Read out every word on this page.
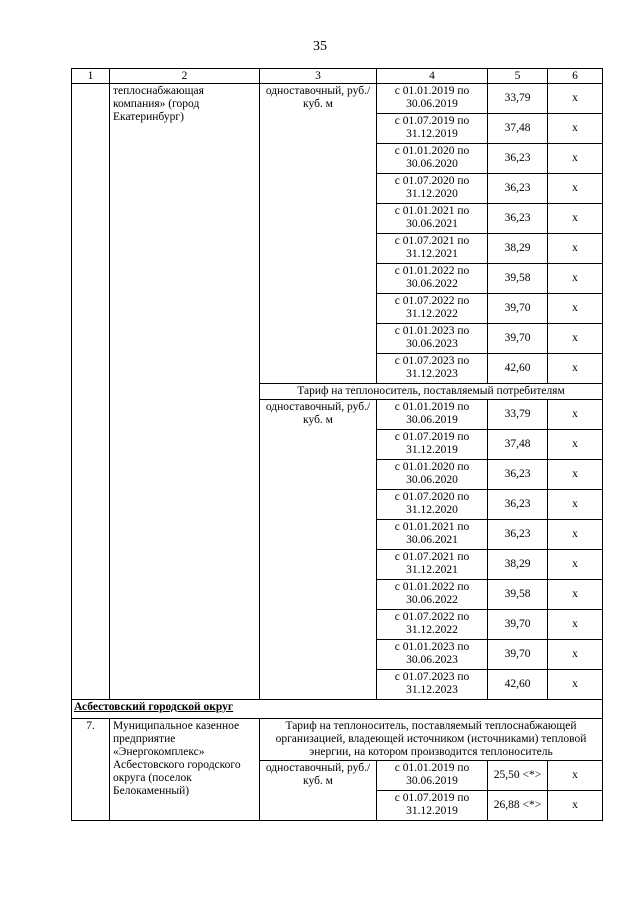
35
1	2	3	4	5	6
	теплоснабжающая компания» (город Екатеринбург)	одноставочный, руб./куб. м	с 01.01.2019 по 30.06.2019	33,79	x
			с 01.07.2019 по 31.12.2019	37,48	x
			с 01.01.2020 по 30.06.2020	36,23	x
			с 01.07.2020 по 31.12.2020	36,23	x
			с 01.01.2021 по 30.06.2021	36,23	x
			с 01.07.2021 по 31.12.2021	38,29	x
			с 01.01.2022 по 30.06.2022	39,58	x
			с 01.07.2022 по 31.12.2022	39,70	x
			с 01.01.2023 по 30.06.2023	39,70	x
			с 01.07.2023 по 31.12.2023	42,60	x
		Тариф на теплоноситель, поставляемый потребителям			
		одноставочный, руб./куб. м	с 01.01.2019 по 30.06.2019	33,79	x
			с 01.07.2019 по 31.12.2019	37,48	x
			с 01.01.2020 по 30.06.2020	36,23	x
			с 01.07.2020 по 31.12.2020	36,23	x
			с 01.01.2021 по 30.06.2021	36,23	x
			с 01.07.2021 по 31.12.2021	38,29	x
			с 01.01.2022 по 30.06.2022	39,58	x
			с 01.07.2022 по 31.12.2022	39,70	x
			с 01.01.2023 по 30.06.2023	39,70	x
			с 01.07.2023 по 31.12.2023	42,60	x
Асбестовский городской округ					
7.	Муниципальное казенное предприятие «Энергокомплекс» Асбестовского городского округа (поселок Белокаменный)	Тариф на теплоноситель, поставляемый теплоснабжающей организацией, владеющей источником (источниками) тепловой энергии, на котором производится теплоноситель			
		одноставочный, руб./куб. м	с 01.01.2019 по 30.06.2019	25,50 <*>	x
			с 01.07.2019 по 31.12.2019	26,88 <*>	x
